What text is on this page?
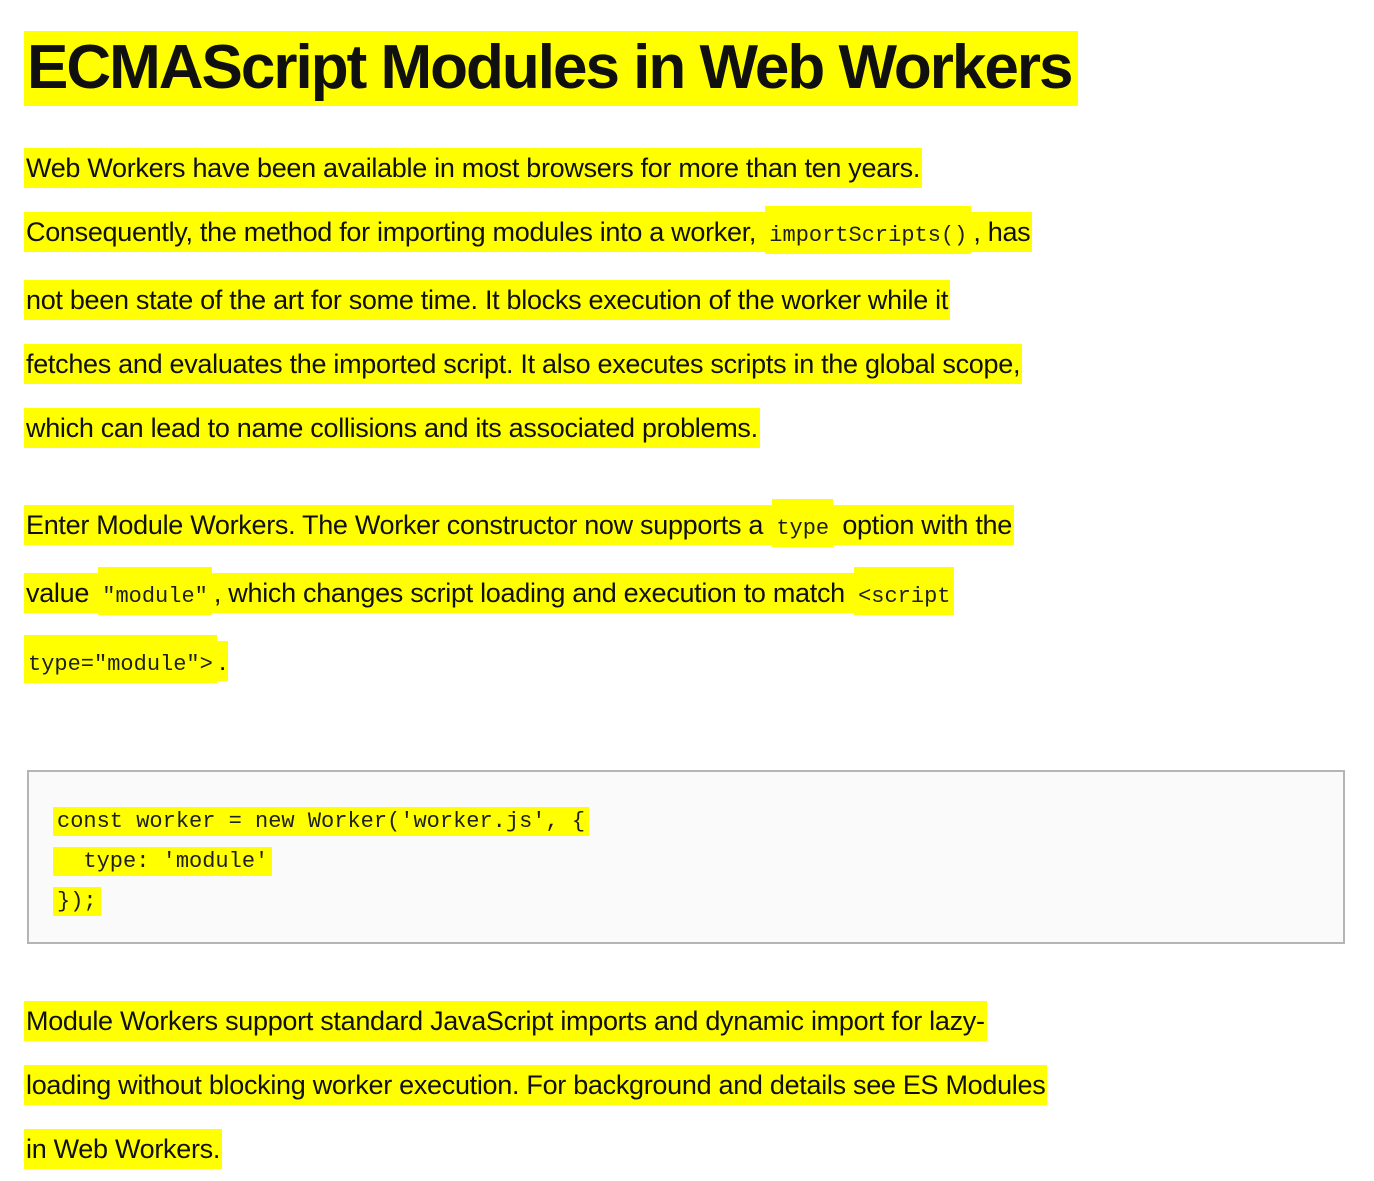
ECMAScript Modules in Web Workers

Web Workers have been available in most browsers for more than ten years.
Consequently, the method for importing modules into a worker, importScripts() , has
not been state of the art for some time. It blocks execution of the worker while it
fetches and evaluates the imported script. It also executes scripts in the global scope,
which can lead to name collisions and its associated problems.

Enter Module Workers. The Worker constructor now supports a type option with the
value "module" , which changes script loading and execution to match <script
type="module"> .

const worker = new Worker('worker.js', {
type: 'module'
});

Module Workers support standard JavaScript imports and dynamic import for lazy-
loading without blocking worker execution. For background and details see ES Modules
in Web Workers.
